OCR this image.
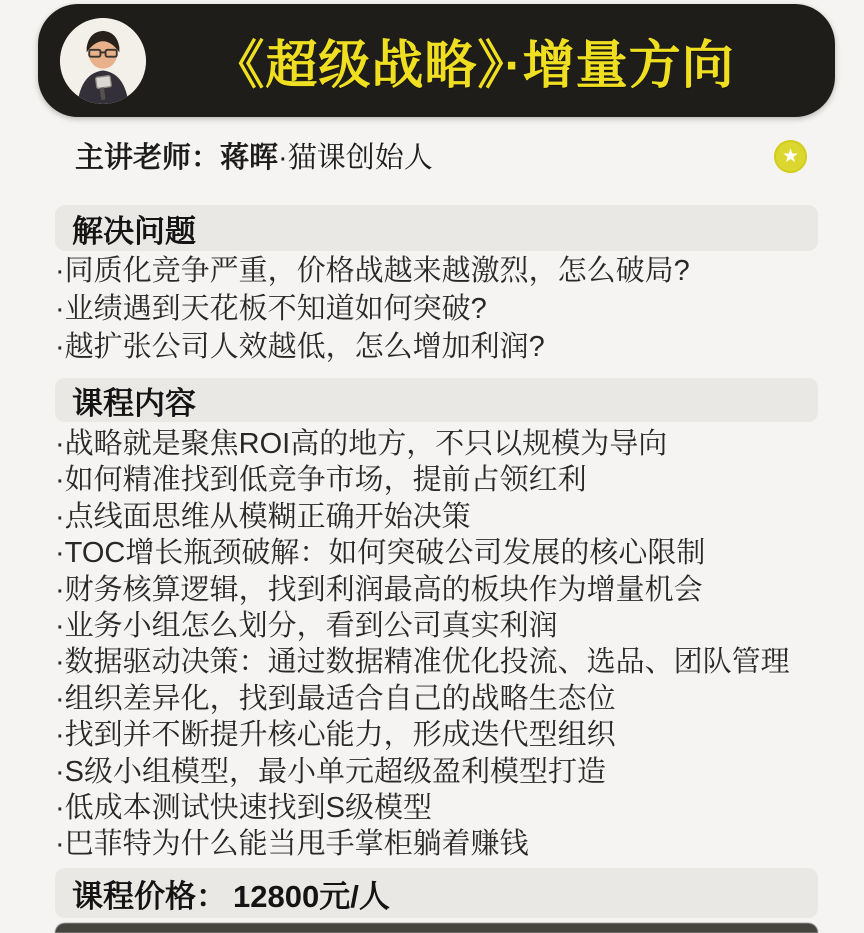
《超级战略》·增量方向
主讲老师：蒋晖·猫课创始人	★
解决问题
·同质化竞争严重，价格战越来越激烈，怎么破局?
·业绩遇到天花板不知道如何突破?
·越扩张公司人效越低，怎么增加利润?
课程内容
·战略就是聚焦ROI高的地方，不只以规模为导向
·如何精准找到低竞争市场，提前占领红利
·点线面思维从模糊正确开始决策
·TOC增长瓶颈破解：如何突破公司发展的核心限制
·财务核算逻辑，找到利润最高的板块作为增量机会
·业务小组怎么划分，看到公司真实利润
·数据驱动决策：通过数据精准优化投流、选品、团队管理
·组织差异化，找到最适合自己的战略生态位
·找到并不断提升核心能力，形成迭代型组织
·S级小组模型，最小单元超级盈利模型打造
·低成本测试快速找到S级模型
·巴菲特为什么能当甩手掌柜躺着赚钱
课程价格： 12800元/人
